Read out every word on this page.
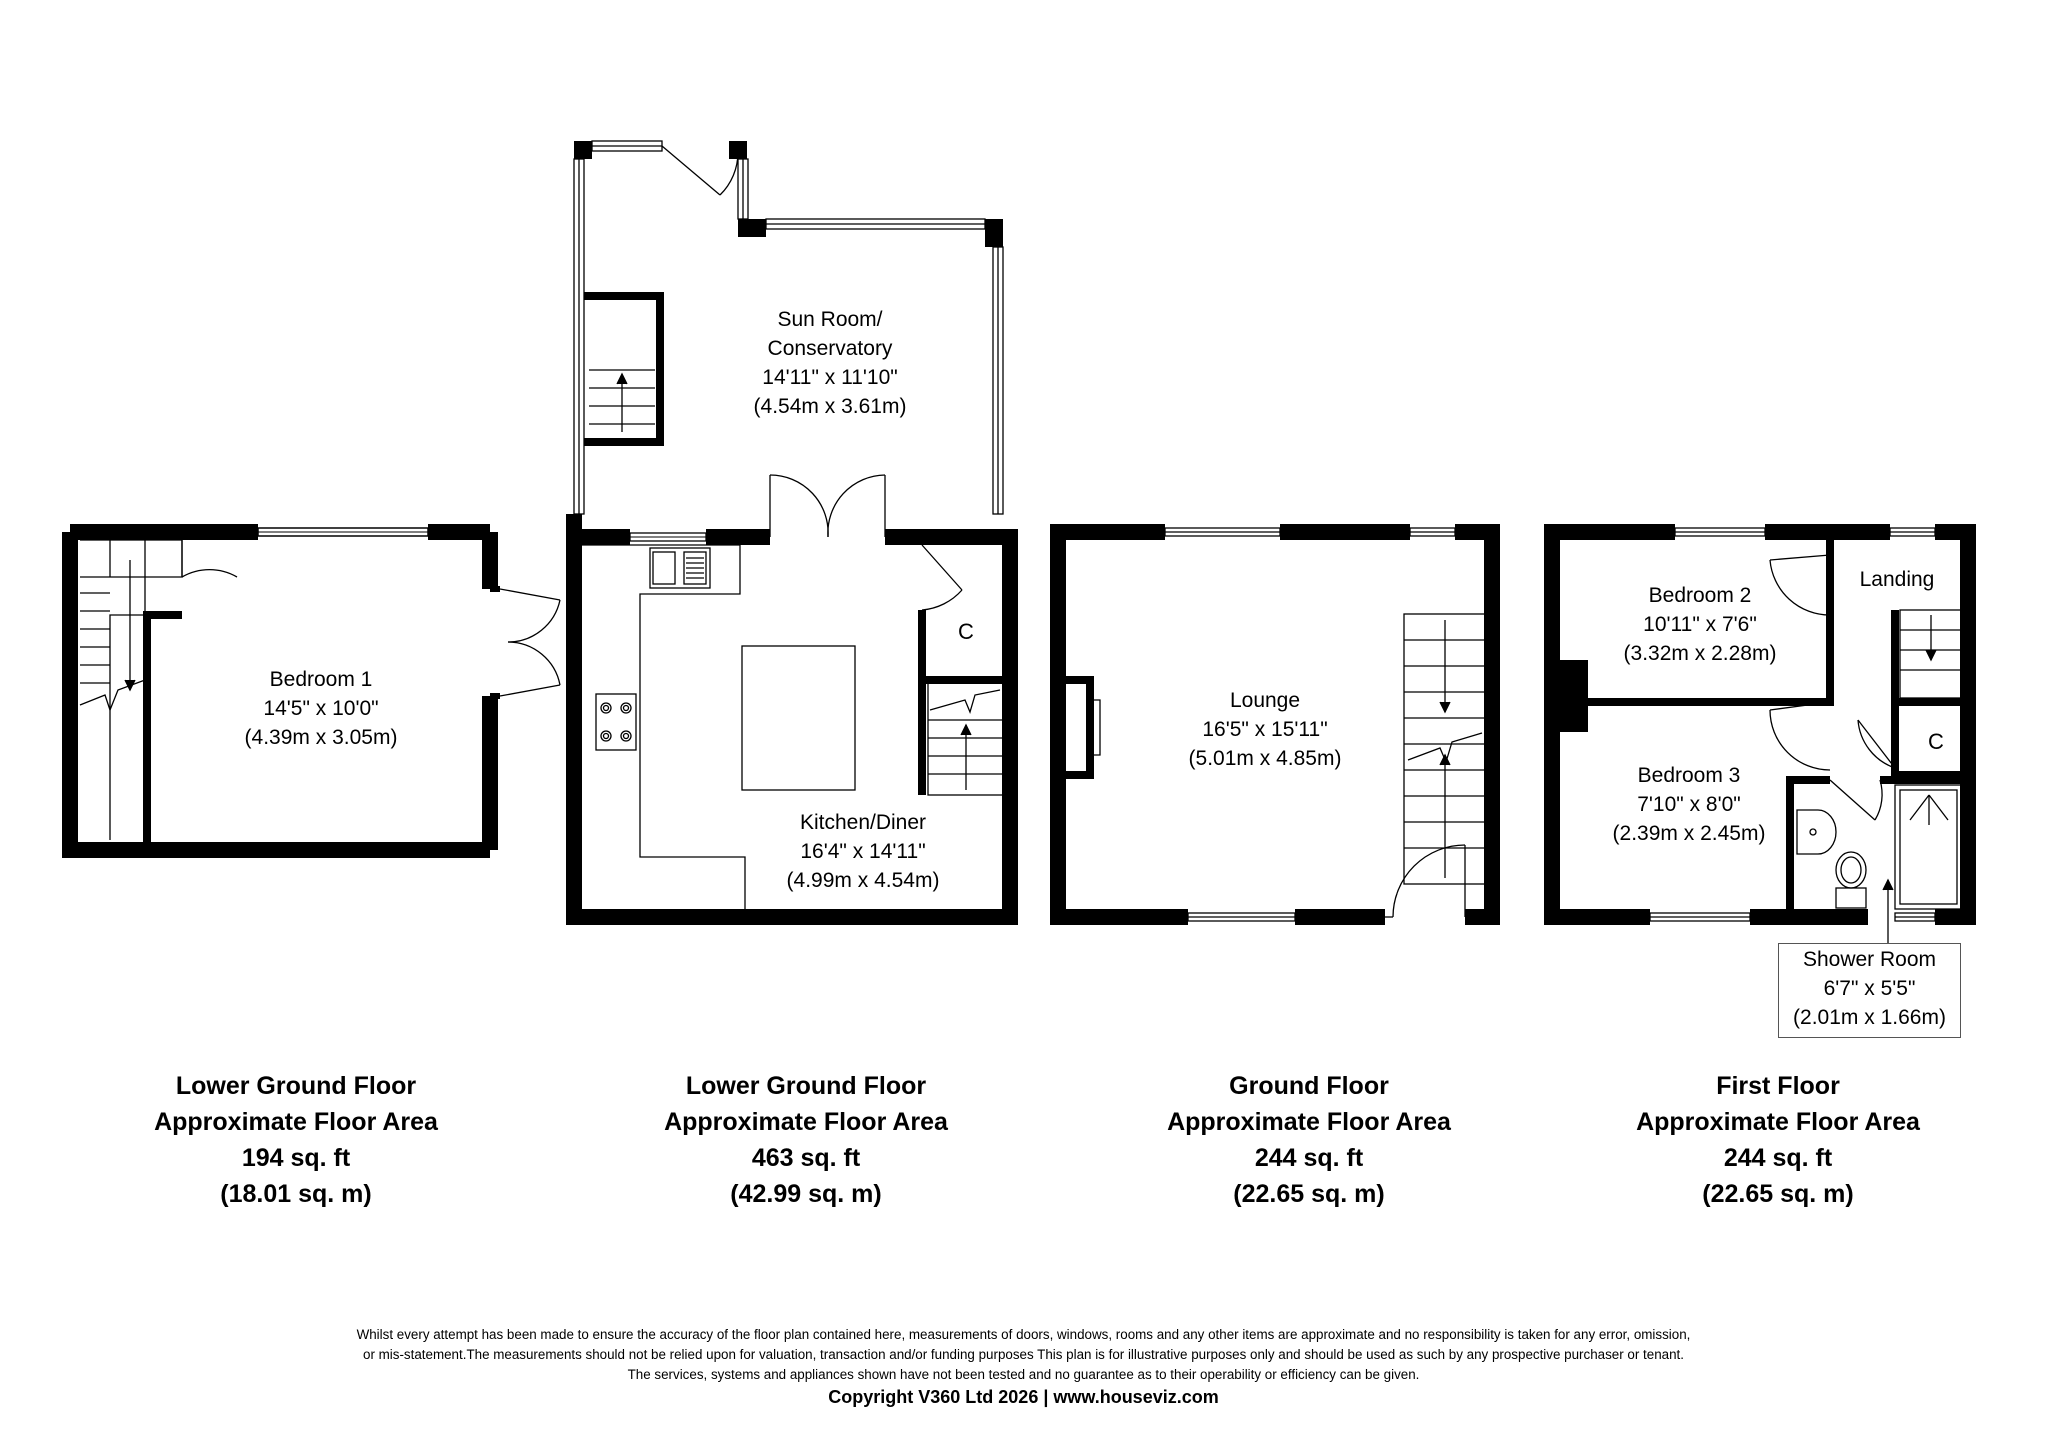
Bedroom 1
14'5" x 10'0"
(4.39m x 3.05m)
Sun Room/
Conservatory
14'11" x 11'10"
(4.54m x 3.61m)
Kitchen/Diner
16'4" x 14'11"
(4.99m x 4.54m)
C
Lounge
16'5" x 15'11"
(5.01m x 4.85m)
Bedroom 2
10'11" x 7'6"
(3.32m x 2.28m)
Landing
C
Bedroom 3
7'10" x 8'0"
(2.39m x 2.45m)
Shower Room
6'7" x 5'5"
(2.01m x 1.66m)
Lower Ground Floor
Approximate Floor Area
194 sq. ft
(18.01 sq. m)
Lower Ground Floor
Approximate Floor Area
463 sq. ft
(42.99 sq. m)
Ground Floor
Approximate Floor Area
244 sq. ft
(22.65 sq. m)
First Floor
Approximate Floor Area
244 sq. ft
(22.65 sq. m)
Whilst every attempt has been made to ensure the accuracy of the floor plan contained here, measurements of doors, windows, rooms and any other items are approximate and no responsibility is taken for any error, omission,
or mis-statement.The measurements should not be relied upon for valuation, transaction and/or funding purposes This plan is for illustrative purposes only and should be used as such by any prospective purchaser or tenant.
The services, systems and appliances shown have not been tested and no guarantee as to their operability or efficiency can be given.
Copyright V360 Ltd 2026 | www.houseviz.com
